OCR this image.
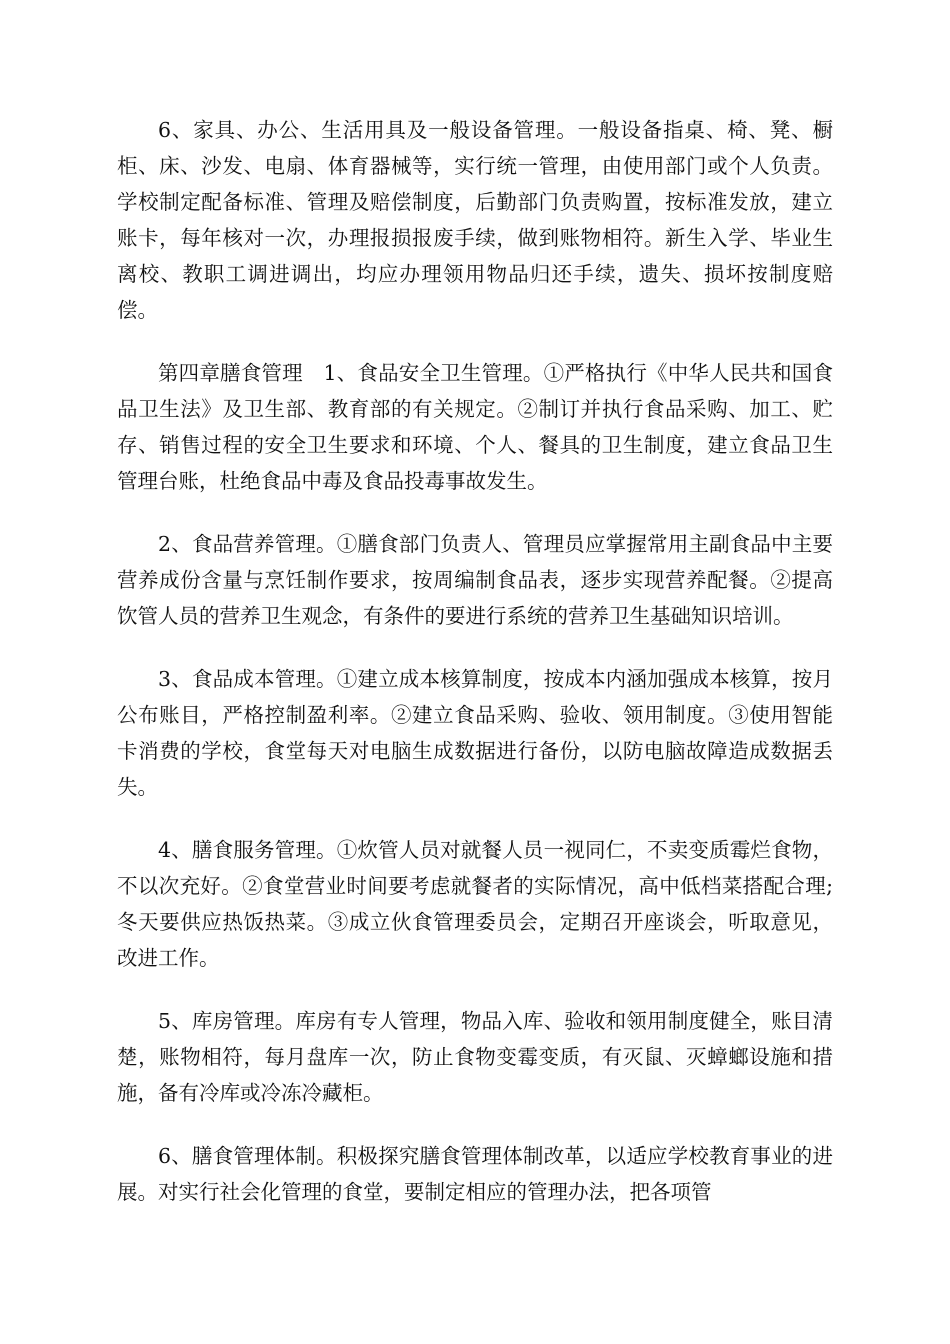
6、家具、办公、生活用具及一般设备管理。一般设备指桌、椅、凳、橱柜、床、沙发、电扇、体育器械等，实行统一管理，由使用部门或个人负责。学校制定配备标准、管理及赔偿制度，后勤部门负责购置，按标准发放，建立账卡，每年核对一次，办理报损报废手续，做到账物相符。新生入学、毕业生离校、教职工调进调出，均应办理领用物品归还手续，遗失、损坏按制度赔偿。

第四章膳食管理　1、食品安全卫生管理。①严格执行《中华人民共和国食品卫生法》及卫生部、教育部的有关规定。②制订并执行食品采购、加工、贮存、销售过程的安全卫生要求和环境、个人、餐具的卫生制度，建立食品卫生管理台账，杜绝食品中毒及食品投毒事故发生。

2、食品营养管理。①膳食部门负责人、管理员应掌握常用主副食品中主要营养成份含量与烹饪制作要求，按周编制食品表，逐步实现营养配餐。②提高饮管人员的营养卫生观念，有条件的要进行系统的营养卫生基础知识培训。

3、食品成本管理。①建立成本核算制度，按成本内涵加强成本核算，按月公布账目，严格控制盈利率。②建立食品采购、验收、领用制度。③使用智能卡消费的学校，食堂每天对电脑生成数据进行备份，以防电脑故障造成数据丢失。

4、膳食服务管理。①炊管人员对就餐人员一视同仁，不卖变质霉烂食物，不以次充好。②食堂营业时间要考虑就餐者的实际情况，高中低档菜搭配合理;冬天要供应热饭热菜。③成立伙食管理委员会，定期召开座谈会，听取意见，改进工作。

5、库房管理。库房有专人管理，物品入库、验收和领用制度健全，账目清楚，账物相符，每月盘库一次，防止食物变霉变质，有灭鼠、灭蟑螂设施和措施，备有冷库或冷冻冷藏柜。

6、膳食管理体制。积极探究膳食管理体制改革，以适应学校教育事业的进展。对实行社会化管理的食堂，要制定相应的管理办法，把各项管
